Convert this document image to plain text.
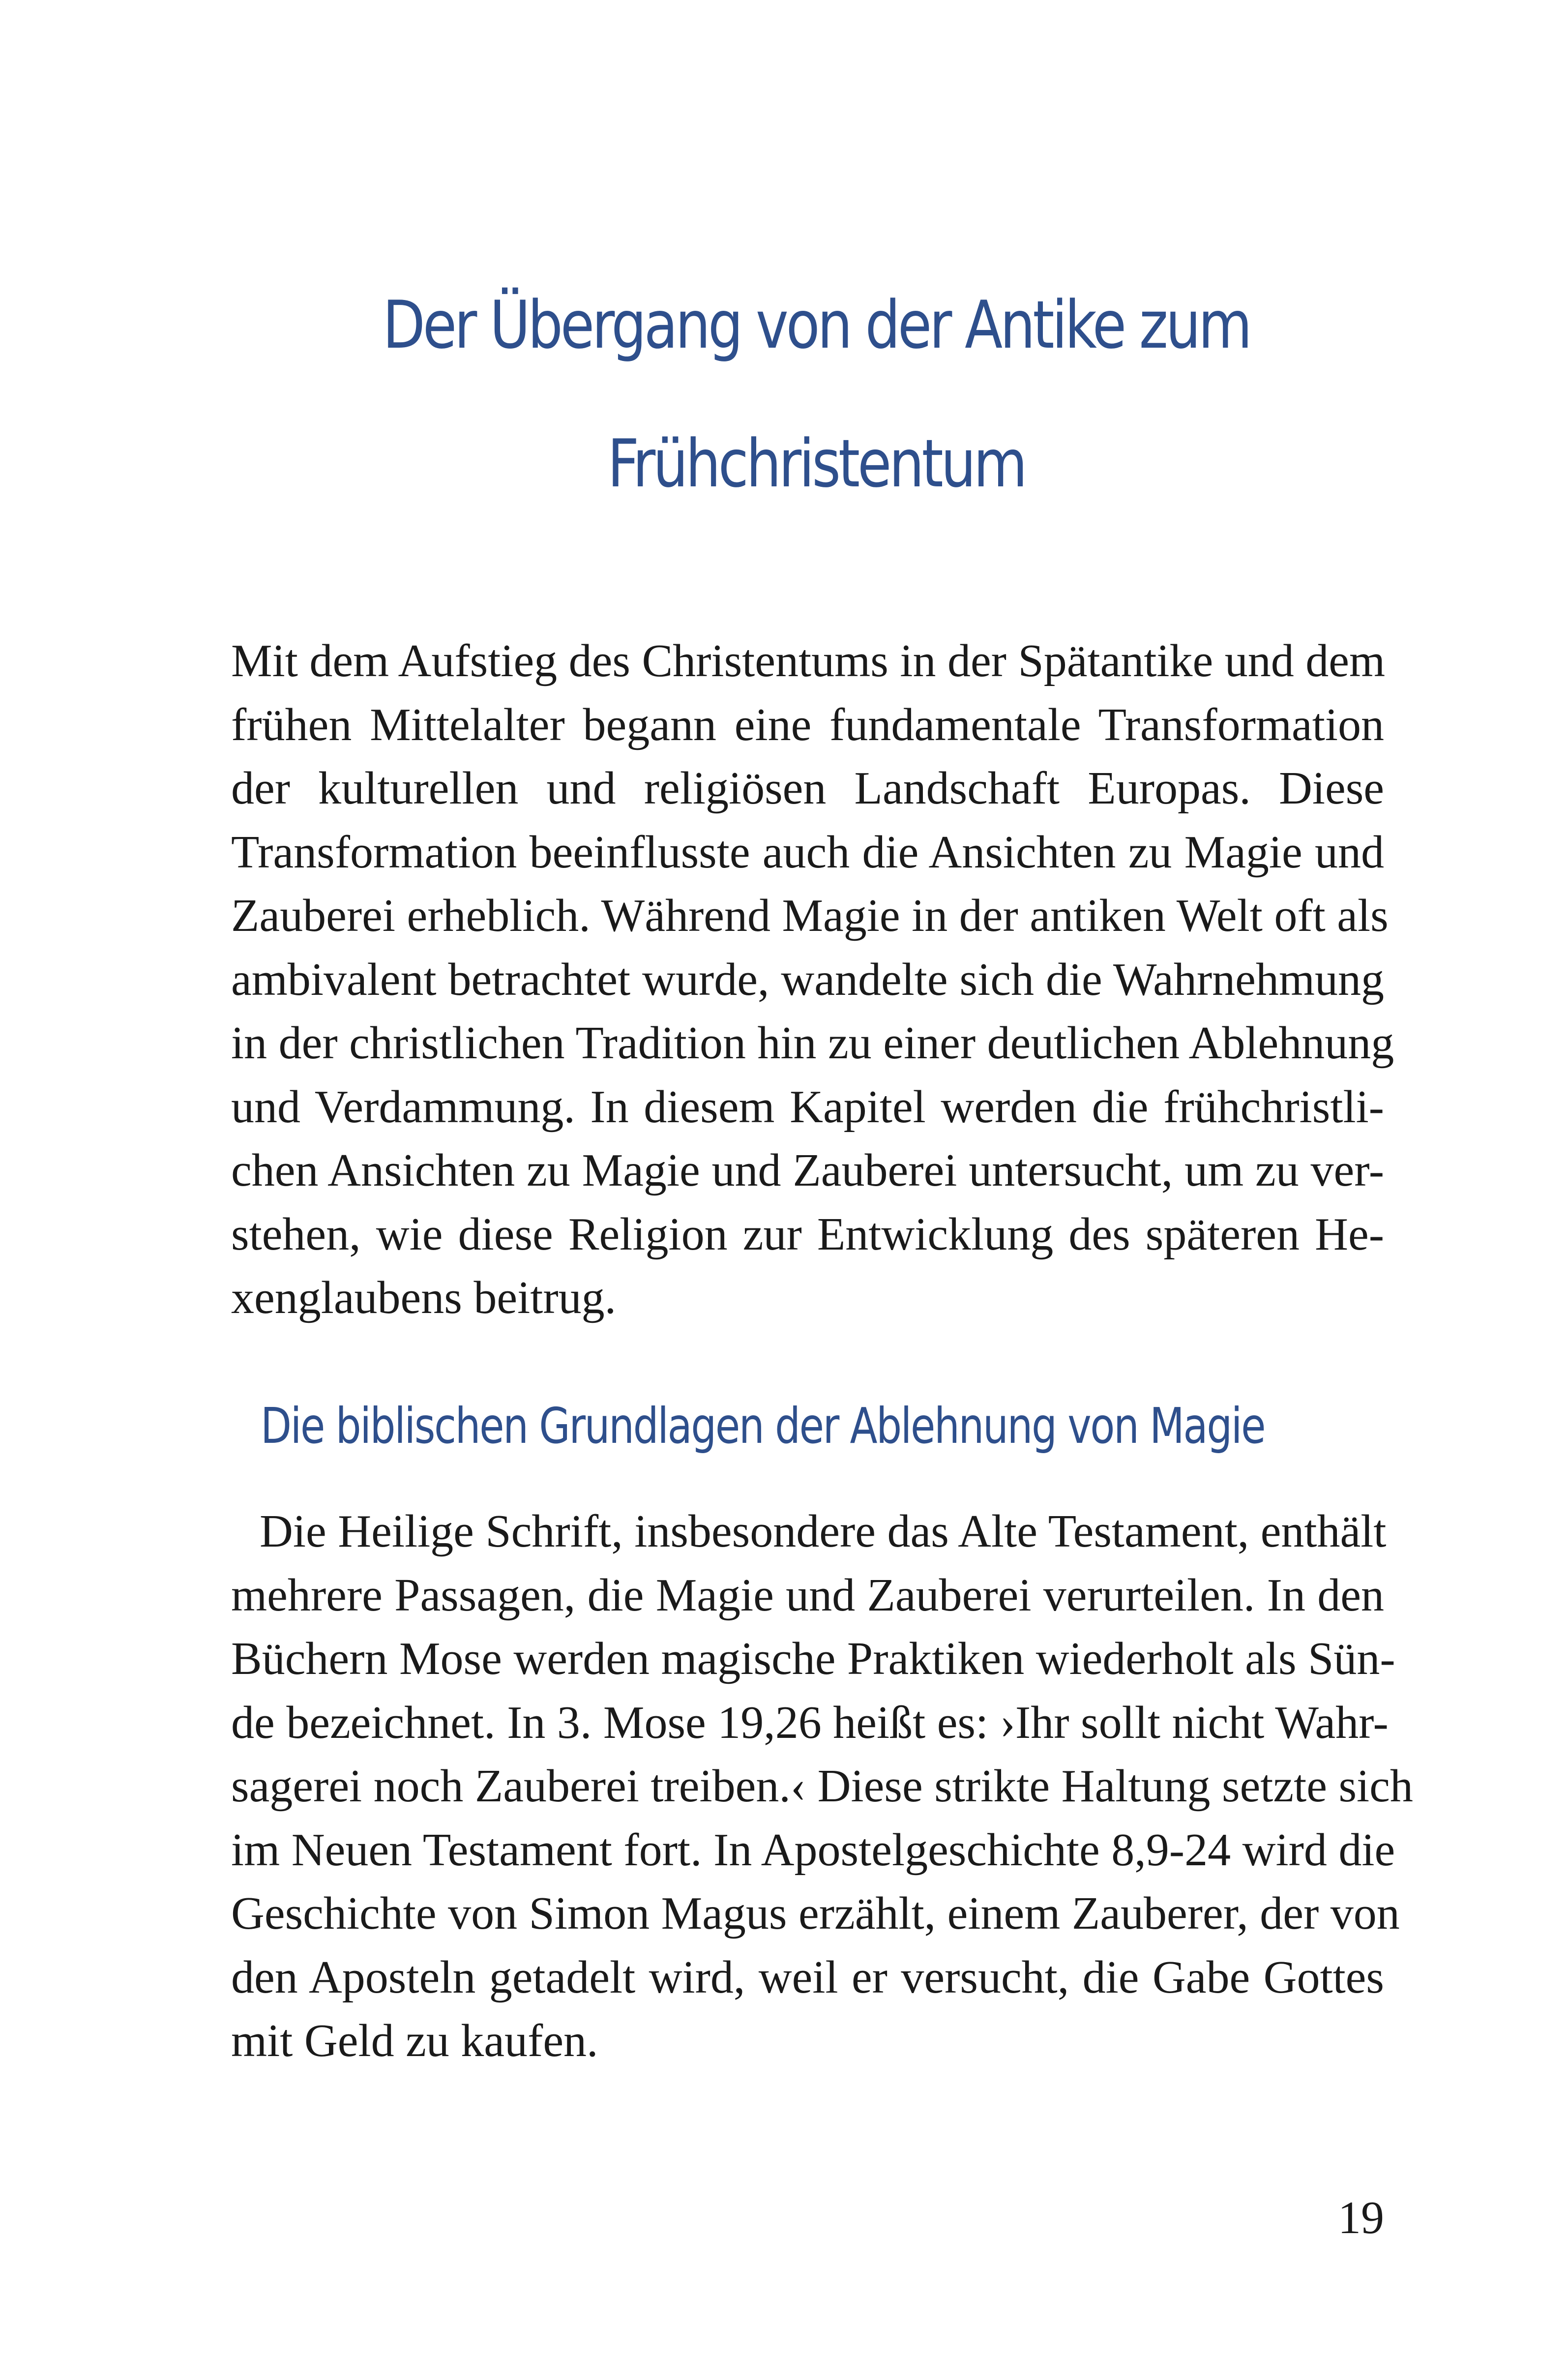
Der Übergang von der Antike zum
Frühchristentum

Mit dem Aufstieg des Christentums in der Spätantike und dem
frühen Mittelalter begann eine fundamentale Transformation
der kulturellen und religiösen Landschaft Europas. Diese
Transformation beeinflusste auch die Ansichten zu Magie und
Zauberei erheblich. Während Magie in der antiken Welt oft als
ambivalent betrachtet wurde, wandelte sich die Wahrnehmung
in der christlichen Tradition hin zu einer deutlichen Ablehnung
und Verdammung. In diesem Kapitel werden die frühchristli-
chen Ansichten zu Magie und Zauberei untersucht, um zu ver-
stehen, wie diese Religion zur Entwicklung des späteren He-
xenglaubens beitrug.

Die biblischen Grundlagen der Ablehnung von Magie

Die Heilige Schrift, insbesondere das Alte Testament, enthält
mehrere Passagen, die Magie und Zauberei verurteilen. In den
Büchern Mose werden magische Praktiken wiederholt als Sün-
de bezeichnet. In 3. Mose 19,26 heißt es: ›Ihr sollt nicht Wahr-
sagerei noch Zauberei treiben.‹ Diese strikte Haltung setzte sich
im Neuen Testament fort. In Apostelgeschichte 8,9-24 wird die
Geschichte von Simon Magus erzählt, einem Zauberer, der von
den Aposteln getadelt wird, weil er versucht, die Gabe Gottes
mit Geld zu kaufen.

19
